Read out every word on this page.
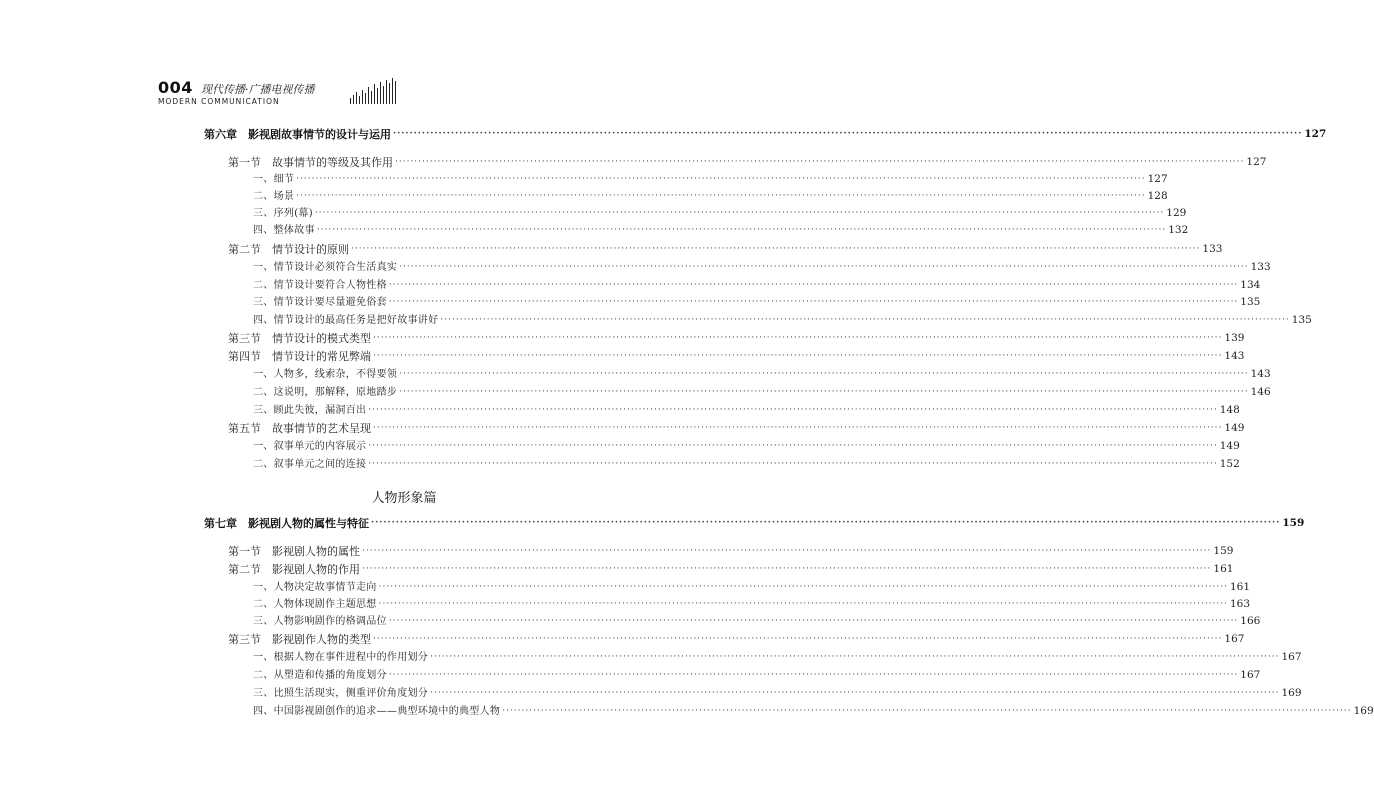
004 现代传播·广播电视传播
MODERN COMMUNICATION
第六章　影视剧故事情节的设计与运用 ···························································································································································································································· 127
第一节　故事情节的等级及其作用 ···························································································································································································································· 127
一、细节 ···························································································································································································································· 127
二、场景 ···························································································································································································································· 128
三、序列(幕) ···························································································································································································································· 129
四、整体故事 ···························································································································································································································· 132
第二节　情节设计的原则 ···························································································································································································································· 133
一、情节设计必须符合生活真实 ···························································································································································································································· 133
二、情节设计要符合人物性格 ···························································································································································································································· 134
三、情节设计要尽量避免俗套 ···························································································································································································································· 135
四、情节设计的最高任务是把好故事讲好 ···························································································································································································································· 135
第三节　情节设计的模式类型 ···························································································································································································································· 139
第四节　情节设计的常见弊端 ···························································································································································································································· 143
一、人物多，线索杂，不得要领 ···························································································································································································································· 143
二、这说明，那解释，原地踏步 ···························································································································································································································· 146
三、顾此失彼，漏洞百出 ···························································································································································································································· 148
第五节　故事情节的艺术呈现 ···························································································································································································································· 149
一、叙事单元的内容展示 ···························································································································································································································· 149
二、叙事单元之间的连接 ···························································································································································································································· 152
人物形象篇
第七章　影视剧人物的属性与特征 ···························································································································································································································· 159
第一节　影视剧人物的属性 ···························································································································································································································· 159
第二节　影视剧人物的作用 ···························································································································································································································· 161
一、人物决定故事情节走向 ···························································································································································································································· 161
二、人物体现剧作主题思想 ···························································································································································································································· 163
三、人物影响剧作的格调品位 ···························································································································································································································· 166
第三节　影视剧作人物的类型 ···························································································································································································································· 167
一、根据人物在事件进程中的作用划分 ···························································································································································································································· 167
二、从塑造和传播的角度划分 ···························································································································································································································· 167
三、比照生活现实，侧重评价角度划分 ···························································································································································································································· 169
四、中国影视剧创作的追求——典型环境中的典型人物 ···························································································································································································································· 169
